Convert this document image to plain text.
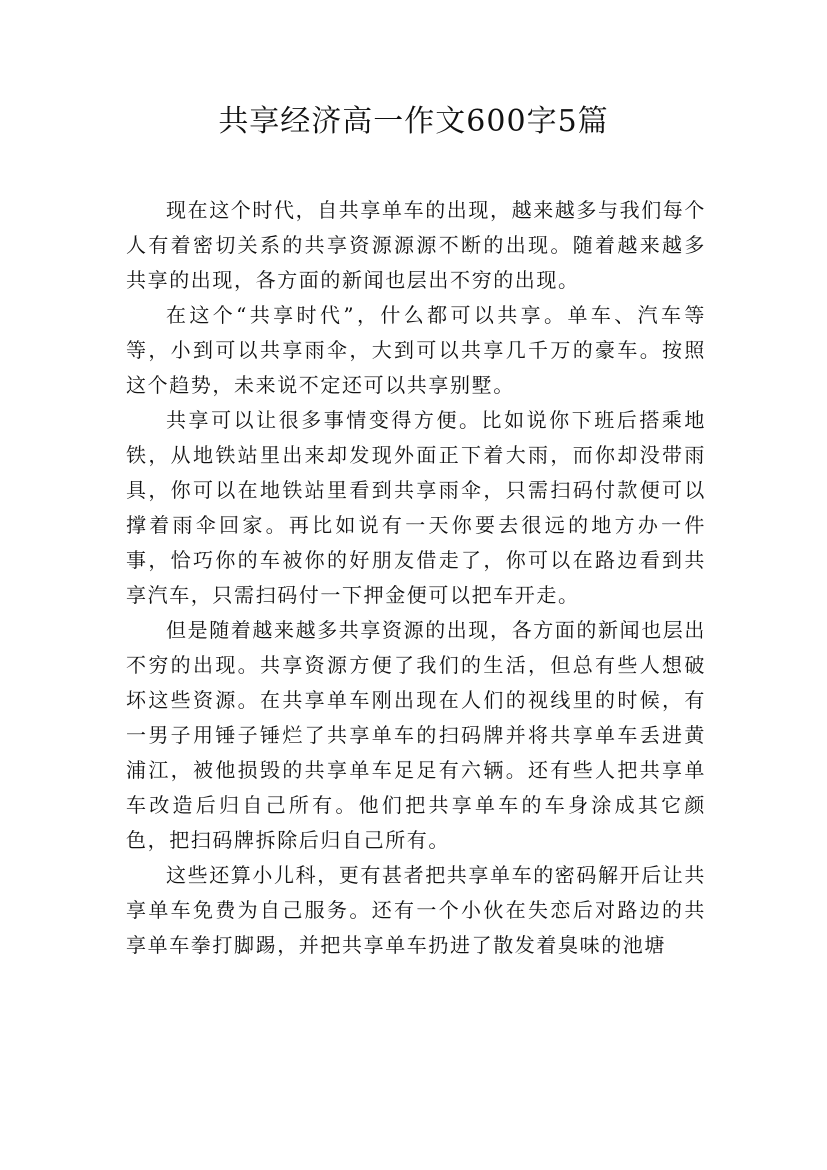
共享经济高一作文600字5篇

现在这个时代，自共享单车的出现，越来越多与我们每个人有着密切关系的共享资源源源不断的出现。随着越来越多共享的出现，各方面的新闻也层出不穷的出现。

在这个“共享时代”，什么都可以共享。单车、汽车等等，小到可以共享雨伞，大到可以共享几千万的豪车。按照这个趋势，未来说不定还可以共享别墅。

共享可以让很多事情变得方便。比如说你下班后搭乘地铁，从地铁站里出来却发现外面正下着大雨，而你却没带雨具，你可以在地铁站里看到共享雨伞，只需扫码付款便可以撑着雨伞回家。再比如说有一天你要去很远的地方办一件事，恰巧你的车被你的好朋友借走了，你可以在路边看到共享汽车，只需扫码付一下押金便可以把车开走。

但是随着越来越多共享资源的出现，各方面的新闻也层出不穷的出现。共享资源方便了我们的生活，但总有些人想破坏这些资源。在共享单车刚出现在人们的视线里的时候，有一男子用锤子锤烂了共享单车的扫码牌并将共享单车丢进黄浦江，被他损毁的共享单车足足有六辆。还有些人把共享单车改造后归自己所有。他们把共享单车的车身涂成其它颜色，把扫码牌拆除后归自己所有。

这些还算小儿科，更有甚者把共享单车的密码解开后让共享单车免费为自己服务。还有一个小伙在失恋后对路边的共享单车拳打脚踢，并把共享单车扔进了散发着臭味的池塘
